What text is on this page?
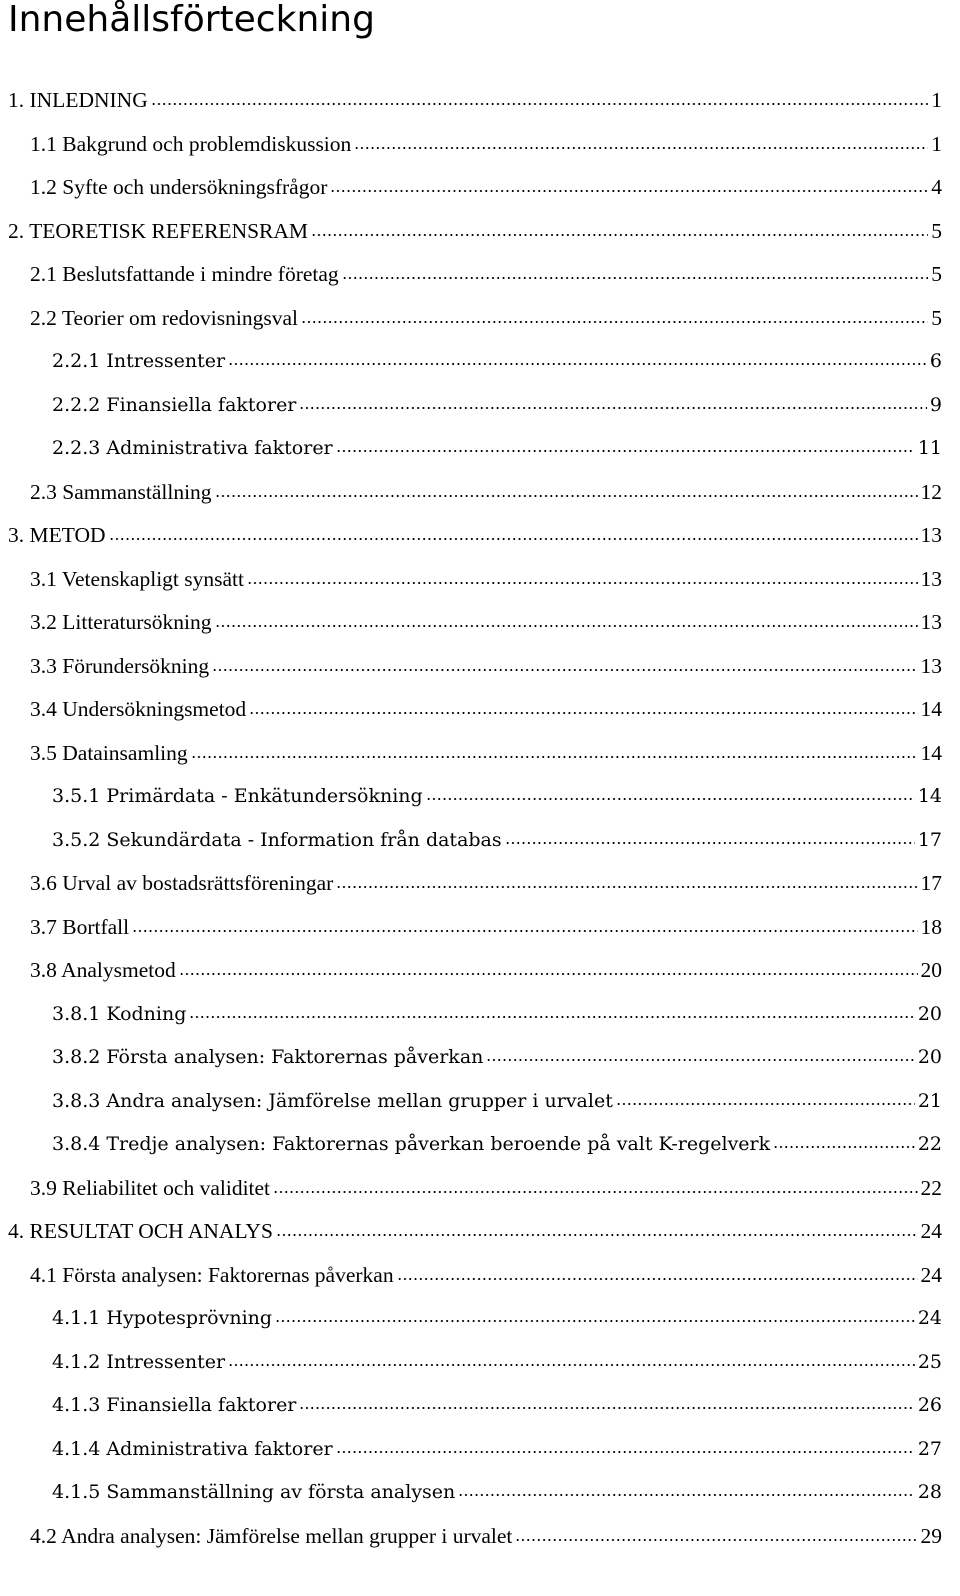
Innehållsförteckning
1. INLEDNING	1
1.1 Bakgrund och problemdiskussion	1
1.2 Syfte och undersökningsfrågor	4
2. TEORETISK REFERENSRAM	5
2.1 Beslutsfattande i mindre företag	5
2.2 Teorier om redovisningsval	5
2.2.1 Intressenter	6
2.2.2 Finansiella faktorer	9
2.2.3 Administrativa faktorer	11
2.3 Sammanställning	12
3. METOD	13
3.1 Vetenskapligt synsätt	13
3.2 Litteratursökning	13
3.3 Förundersökning	13
3.4 Undersökningsmetod	14
3.5 Datainsamling	14
3.5.1 Primärdata - Enkätundersökning	14
3.5.2 Sekundärdata - Information från databas	17
3.6 Urval av bostadsrättsföreningar	17
3.7 Bortfall	18
3.8 Analysmetod	20
3.8.1 Kodning	20
3.8.2 Första analysen: Faktorernas påverkan	20
3.8.3 Andra analysen: Jämförelse mellan grupper i urvalet	21
3.8.4 Tredje analysen: Faktorernas påverkan beroende på valt K-regelverk	22
3.9 Reliabilitet och validitet	22
4. RESULTAT OCH ANALYS	24
4.1 Första analysen: Faktorernas påverkan	24
4.1.1 Hypotesprövning	24
4.1.2 Intressenter	25
4.1.3 Finansiella faktorer	26
4.1.4 Administrativa faktorer	27
4.1.5 Sammanställning av första analysen	28
4.2 Andra analysen: Jämförelse mellan grupper i urvalet	29
